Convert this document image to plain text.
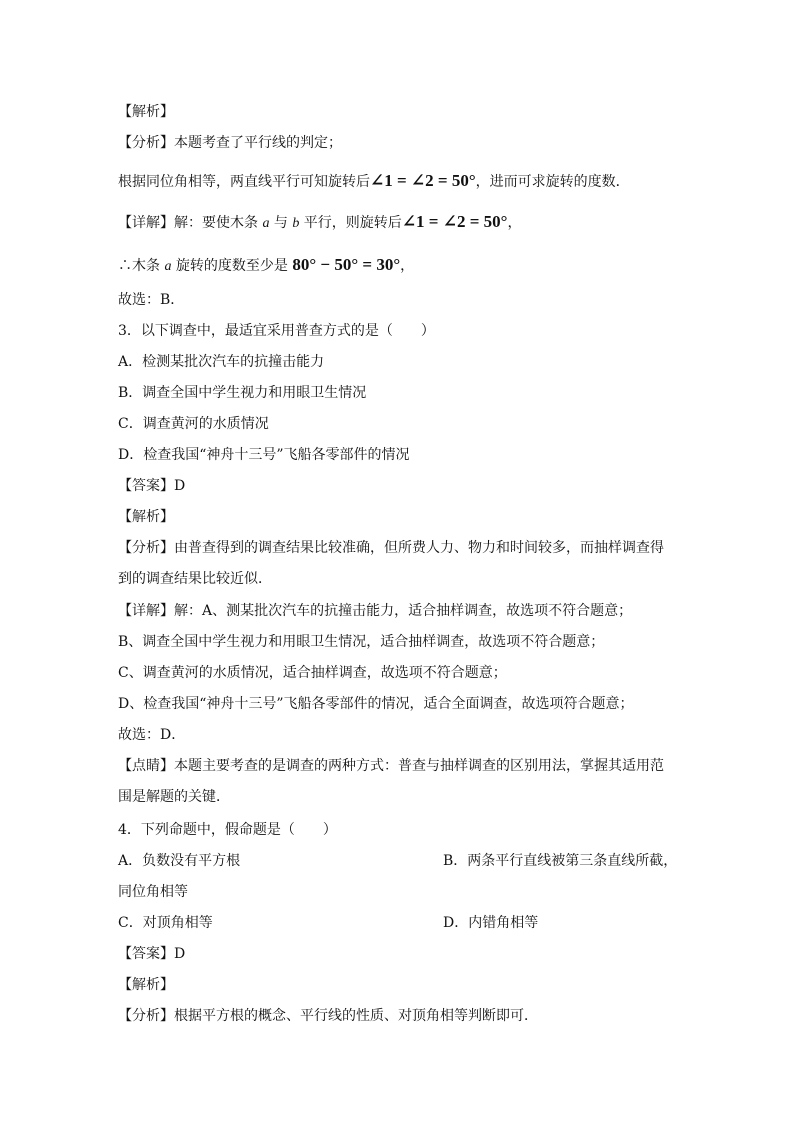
【解析】
【分析】本题考查了平行线的判定；
根据同位角相等，两直线平行可知旋转后∠1 = ∠2 = 50°，进而可求旋转的度数．
【详解】解：要使木条 a 与 b 平行，则旋转后∠1 = ∠2 = 50°，
∴木条 a 旋转的度数至少是 80° − 50° = 30°，
故选：B．
3．以下调查中，最适宜采用普查方式的是（　　）
A．检测某批次汽车的抗撞击能力
B．调查全国中学生视力和用眼卫生情况
C．调查黄河的水质情况
D．检查我国“神舟十三号”飞船各零部件的情况
【答案】D
【解析】
【分析】由普查得到的调查结果比较准确，但所费人力、物力和时间较多，而抽样调查得
到的调查结果比较近似．
【详解】解：A、测某批次汽车的抗撞击能力，适合抽样调查，故选项不符合题意；
B、调查全国中学生视力和用眼卫生情况，适合抽样调查，故选项不符合题意；
C、调查黄河的水质情况，适合抽样调查，故选项不符合题意；
D、检查我国“神舟十三号”飞船各零部件的情况，适合全面调查，故选项符合题意；
故选：D．
【点睛】本题主要考查的是调查的两种方式：普查与抽样调查的区别用法，掌握其适用范
围是解题的关键．
4．下列命题中，假命题是（　　）
A．负数没有平方根	B．两条平行直线被第三条直线所截，
同位角相等
C．对顶角相等	D．内错角相等
【答案】D
【解析】
【分析】根据平方根的概念、平行线的性质、对顶角相等判断即可．
